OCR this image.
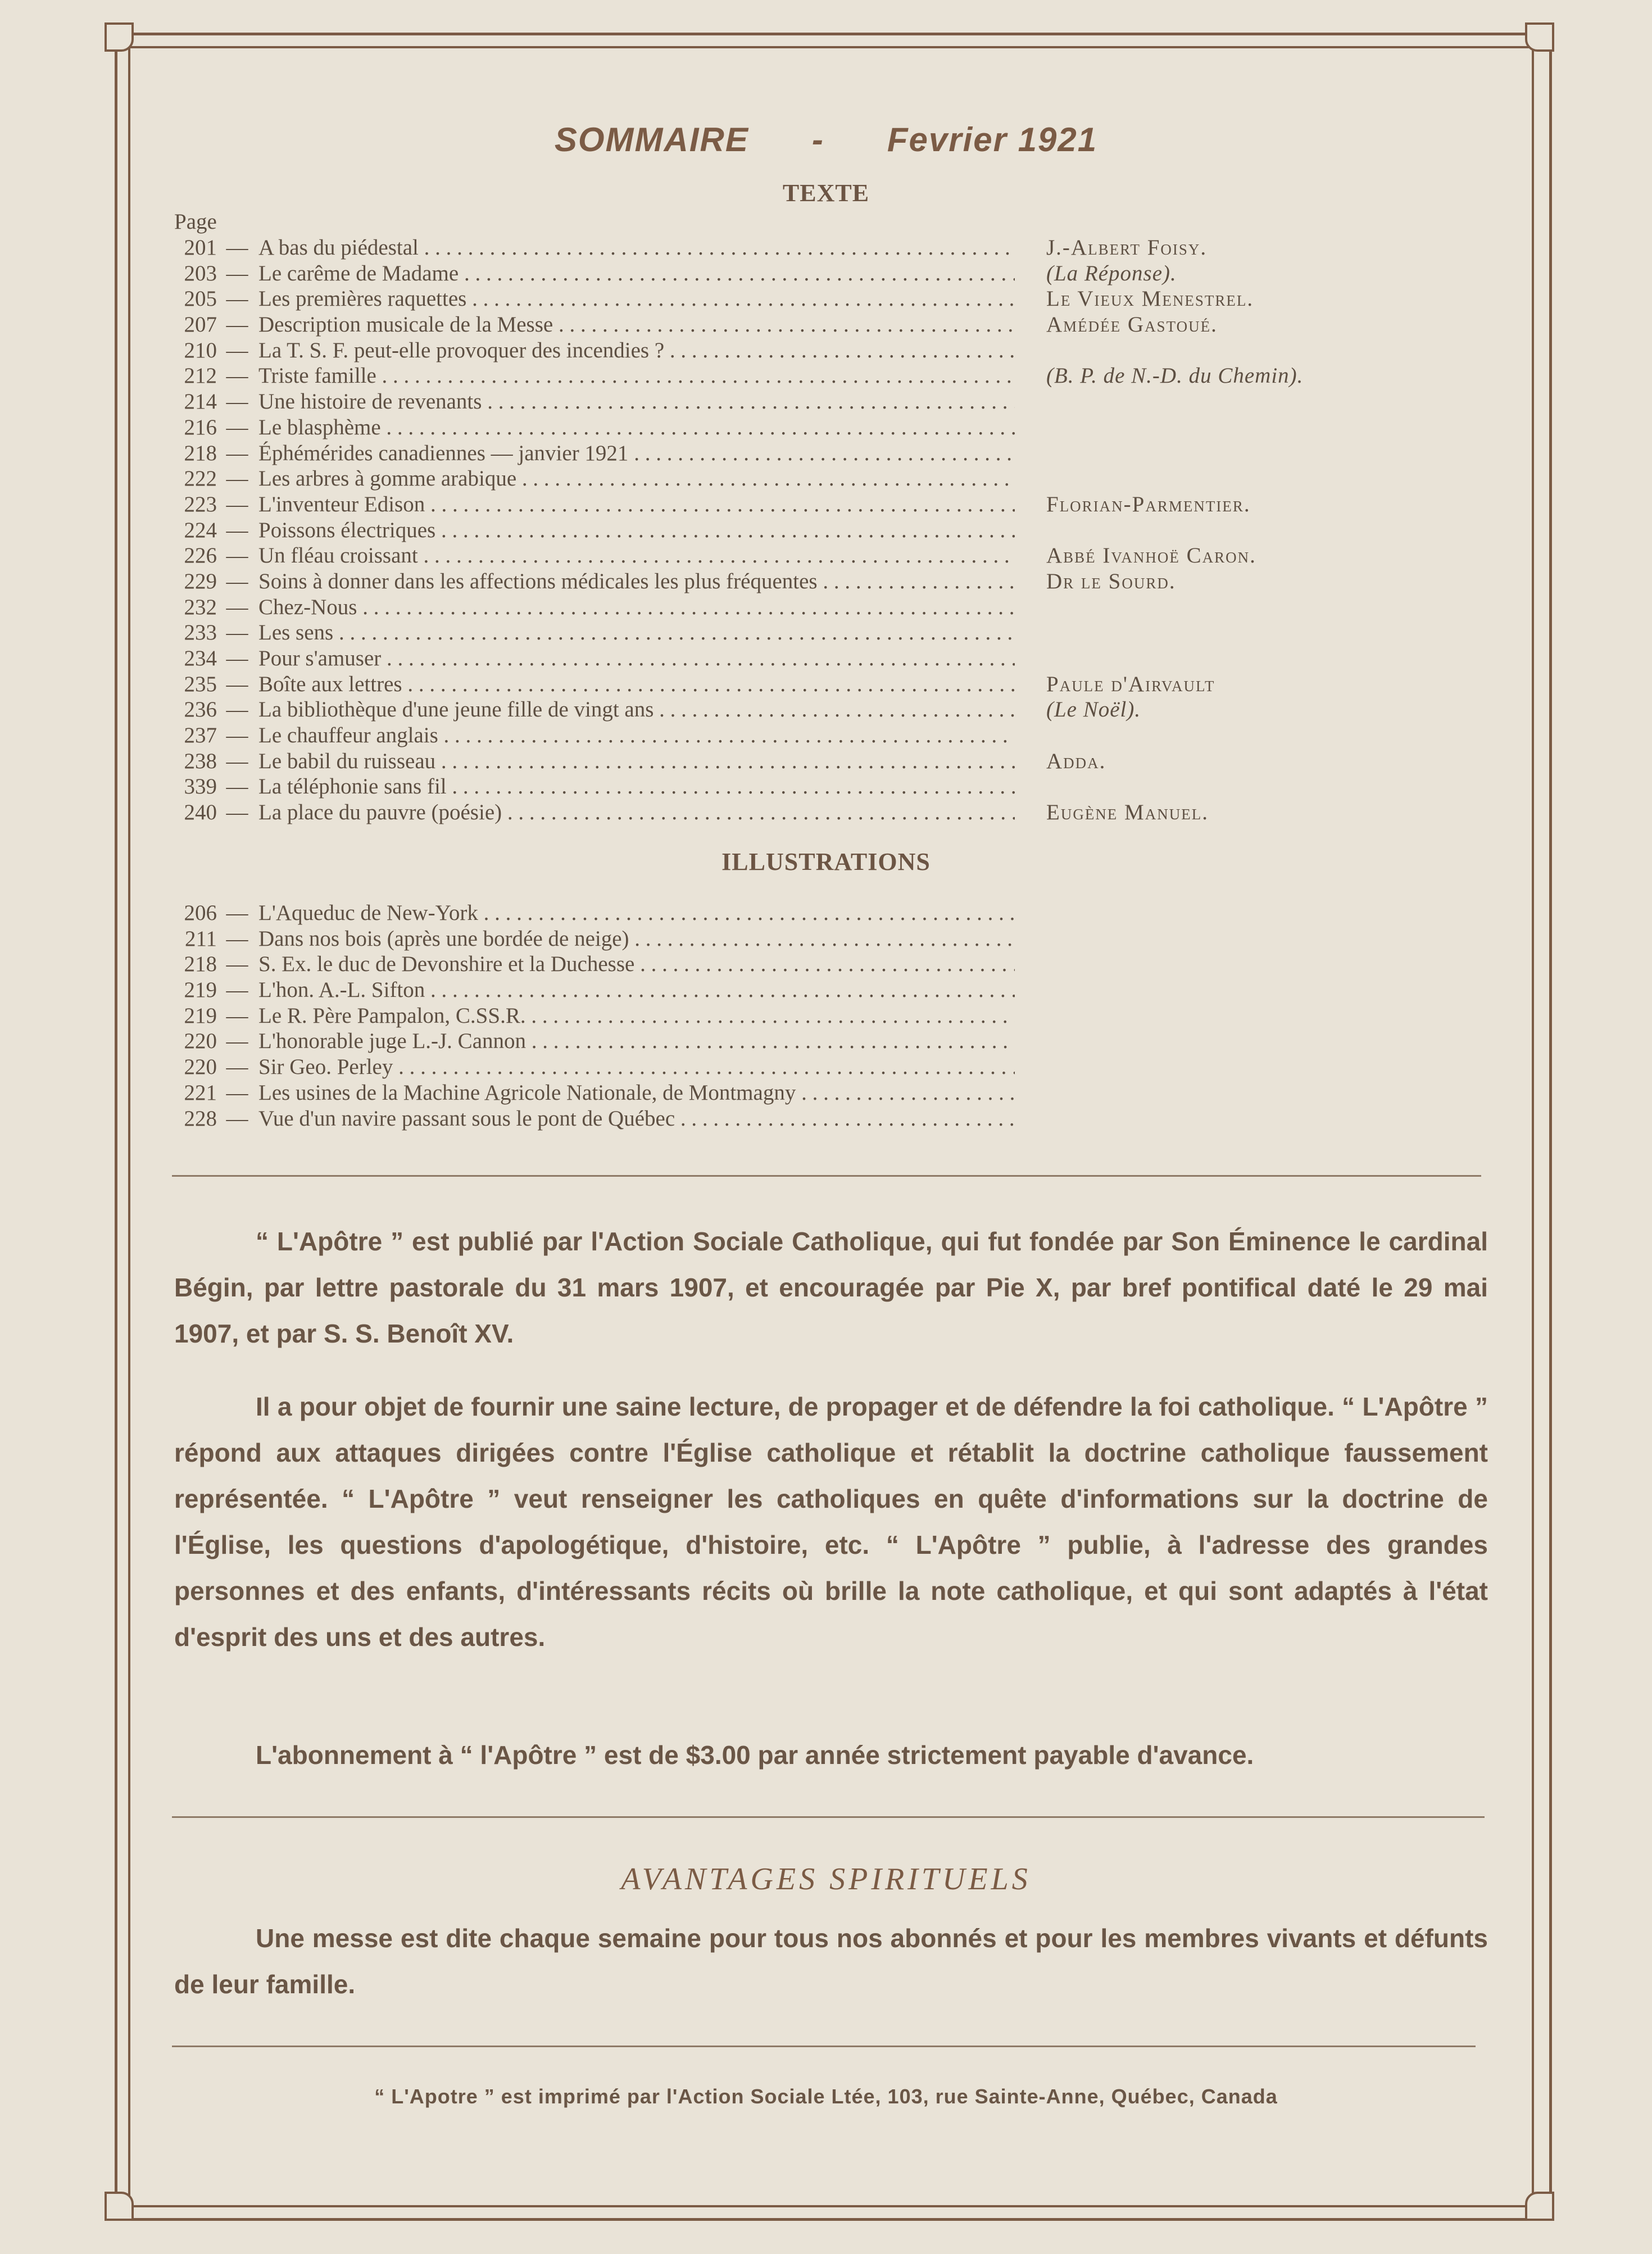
SOMMAIRE      -      Fevrier 1921
TEXTE
Page
201 — A bas du piédestal . . .	J.-Albert Foisy.
203 — Le carême de Madame . . .	(La Réponse).
205 — Les premières raquettes . . .	Le Vieux Menestrel.
207 — Description musicale de la Messe . . .	Amédée Gastoué.
210 — La T. S. F. peut-elle provoquer des incendies ? . . .
212 — Triste famille . . .	(B. P. de N.-D. du Chemin).
214 — Une histoire de revenants . . .
216 — Le blasphème . . .
218 — Éphémérides canadiennes — janvier 1921 . . .
222 — Les arbres à gomme arabique . . .
223 — L'inventeur Edison . . .	Florian-Parmentier.
224 — Poissons électriques . . .
226 — Un fléau croissant . . .	Abbé Ivanhoë Caron.
229 — Soins à donner dans les affections médicales les plus fréquentes . . .	Dr le Sourd.
232 — Chez-Nous . . .
233 — Les sens . . .
234 — Pour s'amuser . . .
235 — Boîte aux lettres . . .	Paule d'Airvault
236 — La bibliothèque d'une jeune fille de vingt ans . . .	(Le Noël).
237 — Le chauffeur anglais . . .
238 — Le babil du ruisseau . . .	Adda.
339 — La téléphonie sans fil . . .
240 — La place du pauvre (poésie) . . .	Eugène Manuel.
ILLUSTRATIONS
206 — L'Aqueduc de New-York . . .
211 — Dans nos bois (après une bordée de neige) . . .
218 — S. Ex. le duc de Devonshire et la Duchesse . . .
219 — L'hon. A.-L. Sifton . . .
219 — Le R. Père Pampalon, C.SS.R. . . .
220 — L'honorable juge L.-J. Cannon . . .
220 — Sir Geo. Perley . . .
221 — Les usines de la Machine Agricole Nationale, de Montmagny . . .
228 — Vue d'un navire passant sous le pont de Québec . . .
“ L'Apôtre ” est publié par l'Action Sociale Catholique, qui fut fondée par Son Éminence le cardinal Bégin, par lettre pastorale du 31 mars 1907, et encouragée par Pie X, par bref pontifical daté le 29 mai 1907, et par S. S. Benoît XV.
Il a pour objet de fournir une saine lecture, de propager et de défendre la foi catholique. “ L'Apôtre ” répond aux attaques dirigées contre l'Église catholique et rétablit la doctrine catholique faussement représentée. “ L'Apôtre ” veut renseigner les catholiques en quête d'informations sur la doctrine de l'Église, les questions d'apologétique, d'histoire, etc. “ L'Apôtre ” publie, à l'adresse des grandes personnes et des enfants, d'intéressants récits où brille la note catholique, et qui sont adaptés à l'état d'esprit des uns et des autres.
L'abonnement à “ l'Apôtre ” est de $3.00 par année strictement payable d'avance.
AVANTAGES SPIRITUELS
Une messe est dite chaque semaine pour tous nos abonnés et pour les membres vivants et défunts de leur famille.
“ L'Apotre ” est imprimé par l'Action Sociale Ltée, 103, rue Sainte-Anne, Québec, Canada
